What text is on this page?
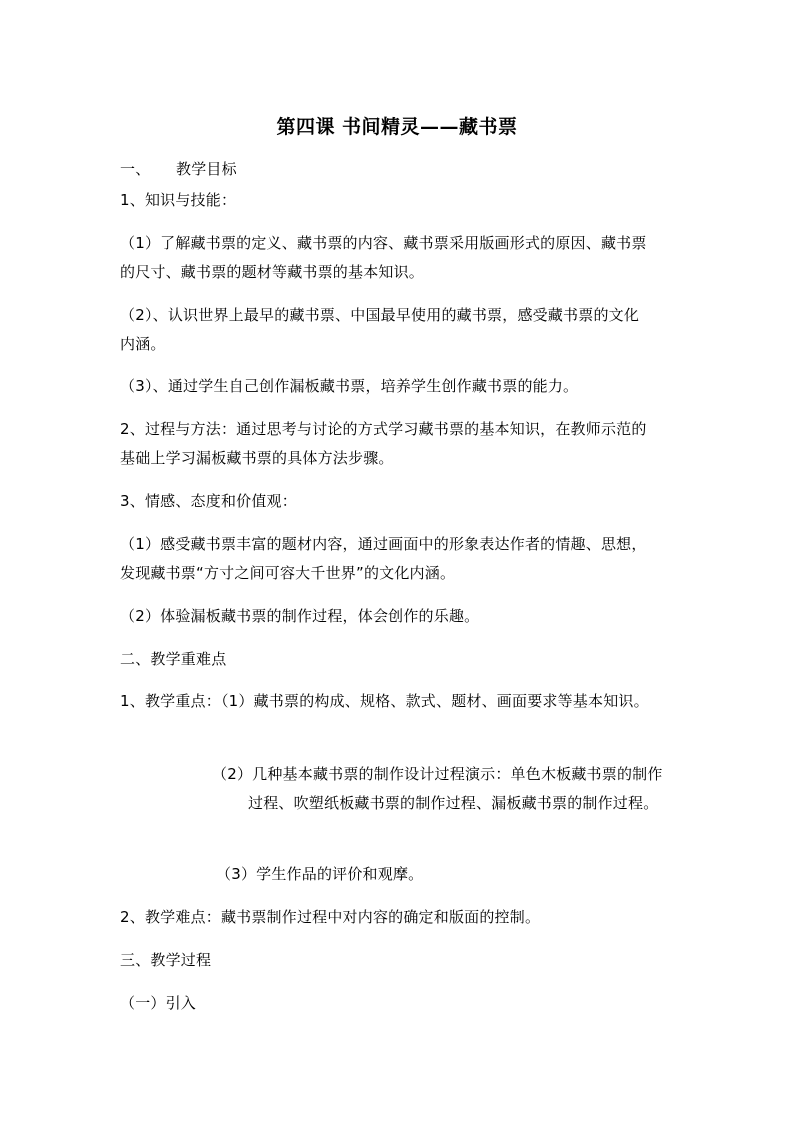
第四课 书间精灵——藏书票
一、 教学目标
1、知识与技能：
（1）了解藏书票的定义、藏书票的内容、藏书票采用版画形式的原因、藏书票
的尺寸、藏书票的题材等藏书票的基本知识。
（2）、认识世界上最早的藏书票、中国最早使用的藏书票，感受藏书票的文化
内涵。
（3）、通过学生自己创作漏板藏书票，培养学生创作藏书票的能力。
2、过程与方法：通过思考与讨论的方式学习藏书票的基本知识，在教师示范的
基础上学习漏板藏书票的具体方法步骤。
3、情感、态度和价值观：
（1）感受藏书票丰富的题材内容，通过画面中的形象表达作者的情趣、思想，
发现藏书票“方寸之间可容大千世界”的文化内涵。
（2）体验漏板藏书票的制作过程，体会创作的乐趣。
二、教学重难点
1、教学重点：（1）藏书票的构成、规格、款式、题材、画面要求等基本知识。
（2）几种基本藏书票的制作设计过程演示：单色木板藏书票的制作
过程、吹塑纸板藏书票的制作过程、漏板藏书票的制作过程。
（3）学生作品的评价和观摩。
2、教学难点：藏书票制作过程中对内容的确定和版面的控制。
三、教学过程
（一）引入
